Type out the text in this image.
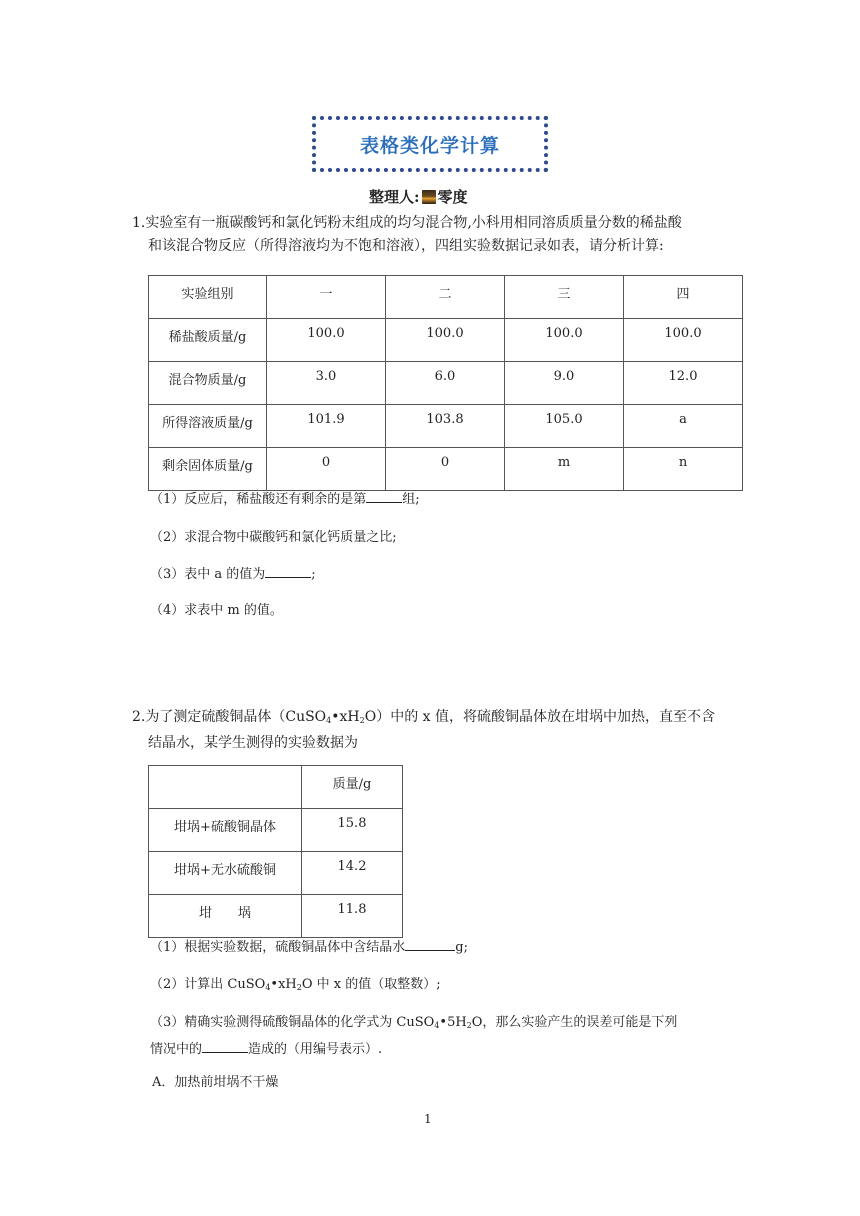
表格类化学计算
整理人: 零度
1.实验室有一瓶碳酸钙和氯化钙粉末组成的均匀混合物,小科用相同溶质质量分数的稀盐酸
和该混合物反应（所得溶液均为不饱和溶液），四组实验数据记录如表，请分析计算:
实验组别	一	二	三	四
稀盐酸质量/g	100.0	100.0	100.0	100.0
混合物质量/g	3.0	6.0	9.0	12.0
所得溶液质量/g	101.9	103.8	105.0	a
剩余固体质量/g	0	0	m	n
（1）反应后，稀盐酸还有剩余的是第	组;
（2）求混合物中碳酸钙和氯化钙质量之比;
（3）表中 a 的值为	;
（4）求表中 m 的值。
2.为了测定硫酸铜晶体（CuSO4•xH2O）中的 x 值，将硫酸铜晶体放在坩埚中加热，直至不含
结晶水，某学生测得的实验数据为
	质量/g
坩埚+硫酸铜晶体	15.8
坩埚+无水硫酸铜	14.2
坩　　埚	11.8
（1）根据实验数据，硫酸铜晶体中含结晶水	g;
（2）计算出 CuSO4•xH2O 中 x 的值（取整数）;
（3）精确实验测得硫酸铜晶体的化学式为 CuSO4•5H2O，那么实验产生的误差可能是下列
情况中的	造成的（用编号表示）.
A．加热前坩埚不干燥
1
